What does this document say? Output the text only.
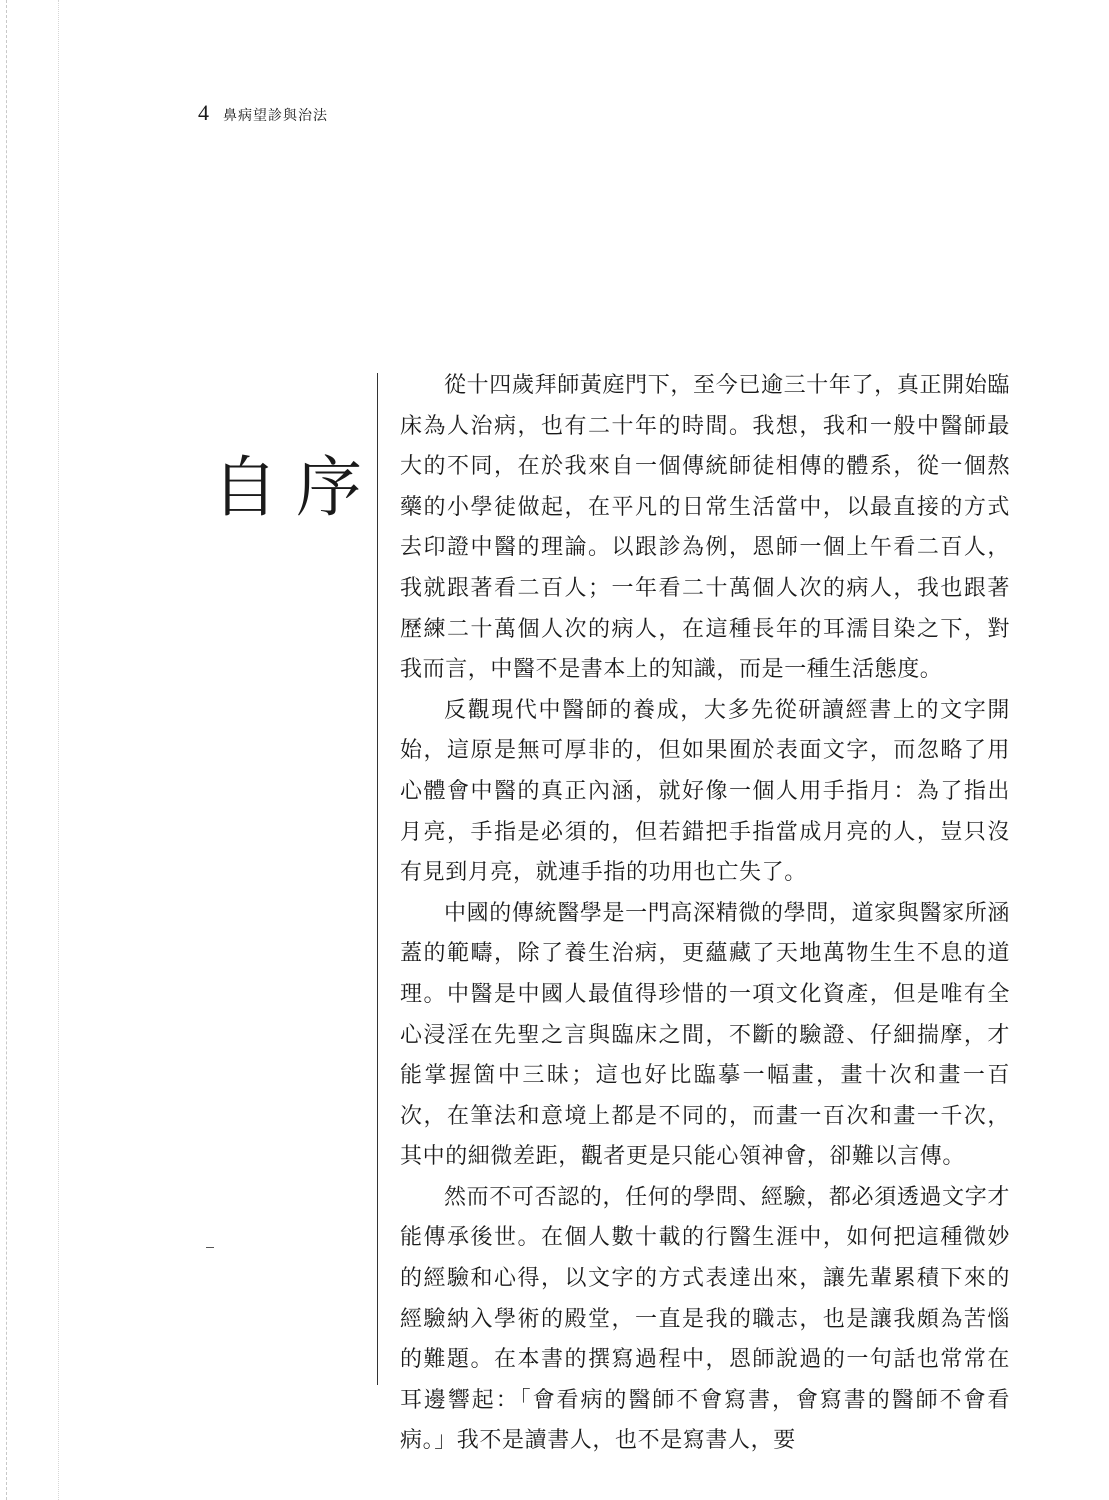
4 鼻病望診與治法
自序

從十四歲拜師黃庭門下，至今已逾三十年了，真正開始臨床為人治病，也有二十年的時間。我想，我和一般中醫師最大的不同，在於我來自一個傳統師徒相傳的體系，從一個熬藥的小學徒做起，在平凡的日常生活當中，以最直接的方式去印證中醫的理論。以跟診為例，恩師一個上午看二百人，我就跟著看二百人；一年看二十萬個人次的病人，我也跟著歷練二十萬個人次的病人，在這種長年的耳濡目染之下，對我而言，中醫不是書本上的知識，而是一種生活態度。

反觀現代中醫師的養成，大多先從研讀經書上的文字開始，這原是無可厚非的，但如果囿於表面文字，而忽略了用心體會中醫的真正內涵，就好像一個人用手指月：為了指出月亮，手指是必須的，但若錯把手指當成月亮的人，豈只沒有見到月亮，就連手指的功用也亡失了。

中國的傳統醫學是一門高深精微的學問，道家與醫家所涵蓋的範疇，除了養生治病，更蘊藏了天地萬物生生不息的道理。中醫是中國人最值得珍惜的一項文化資產，但是唯有全心浸淫在先聖之言與臨床之間，不斷的驗證、仔細揣摩，才能掌握箇中三昧；這也好比臨摹一幅畫，畫十次和畫一百次，在筆法和意境上都是不同的，而畫一百次和畫一千次，其中的細微差距，觀者更是只能心領神會，卻難以言傳。

然而不可否認的，任何的學問、經驗，都必須透過文字才能傳承後世。在個人數十載的行醫生涯中，如何把這種微妙的經驗和心得，以文字的方式表達出來，讓先輩累積下來的經驗納入學術的殿堂，一直是我的職志，也是讓我頗為苦惱的難題。在本書的撰寫過程中，恩師說過的一句話也常常在耳邊響起：「會看病的醫師不會寫書，會寫書的醫師不會看病。」我不是讀書人，也不是寫書人，要
